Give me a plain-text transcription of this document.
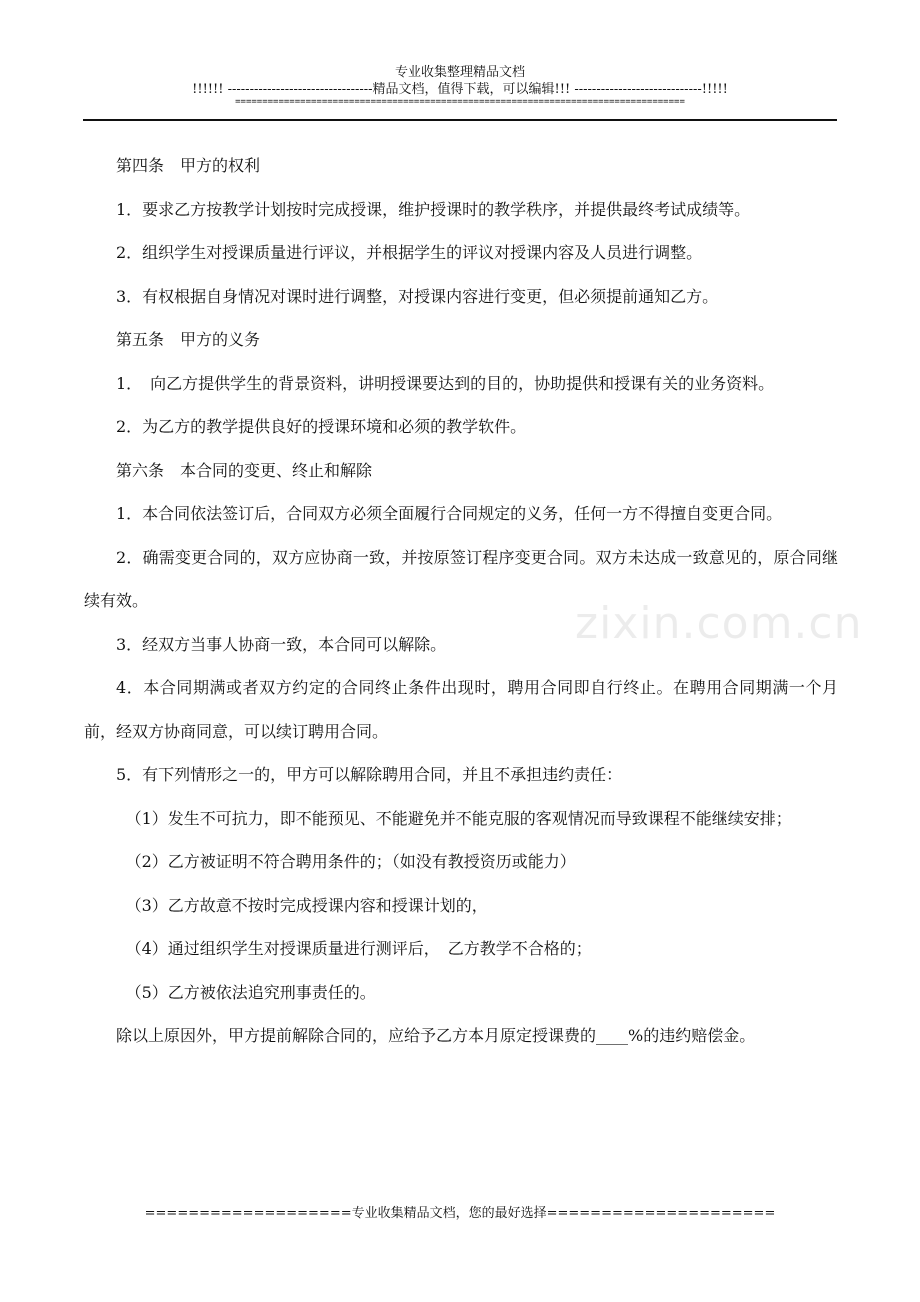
专业收集整理精品文档
!!!!!! ---------------------------------精品文档，值得下载，可以编辑!!! -----------------------------!!!!!
===================================================================================
zixin.com.cn

第四条　甲方的权利

1．要求乙方按教学计划按时完成授课，维护授课时的教学秩序，并提供最终考试成绩等。

2．组织学生对授课质量进行评议，并根据学生的评议对授课内容及人员进行调整。

3．有权根据自身情况对课时进行调整，对授课内容进行变更，但必须提前通知乙方。

第五条　甲方的义务

1．　向乙方提供学生的背景资料，讲明授课要达到的目的，协助提供和授课有关的业务资料。

2．为乙方的教学提供良好的授课环境和必须的教学软件。

第六条　本合同的变更、终止和解除

1．本合同依法签订后，合同双方必须全面履行合同规定的义务，任何一方不得擅自变更合同。

2．确需变更合同的，双方应协商一致，并按原签订程序变更合同。双方未达成一致意见的，原合同继续有效。

3．经双方当事人协商一致，本合同可以解除。

4．本合同期满或者双方约定的合同终止条件出现时，聘用合同即自行终止。在聘用合同期满一个月前，经双方协商同意，可以续订聘用合同。

5．有下列情形之一的，甲方可以解除聘用合同，并且不承担违约责任：

（1）发生不可抗力，即不能预见、不能避免并不能克服的客观情况而导致课程不能继续安排；

（2）乙方被证明不符合聘用条件的；（如没有教授资历或能力）

（3）乙方故意不按时完成授课内容和授课计划的，

（4）通过组织学生对授课质量进行测评后，　乙方教学不合格的；

（5）乙方被依法追究刑事责任的。

除以上原因外，甲方提前解除合同的，应给予乙方本月原定授课费的____%的违约赔偿金。

===================专业收集精品文档，您的最好选择=====================
